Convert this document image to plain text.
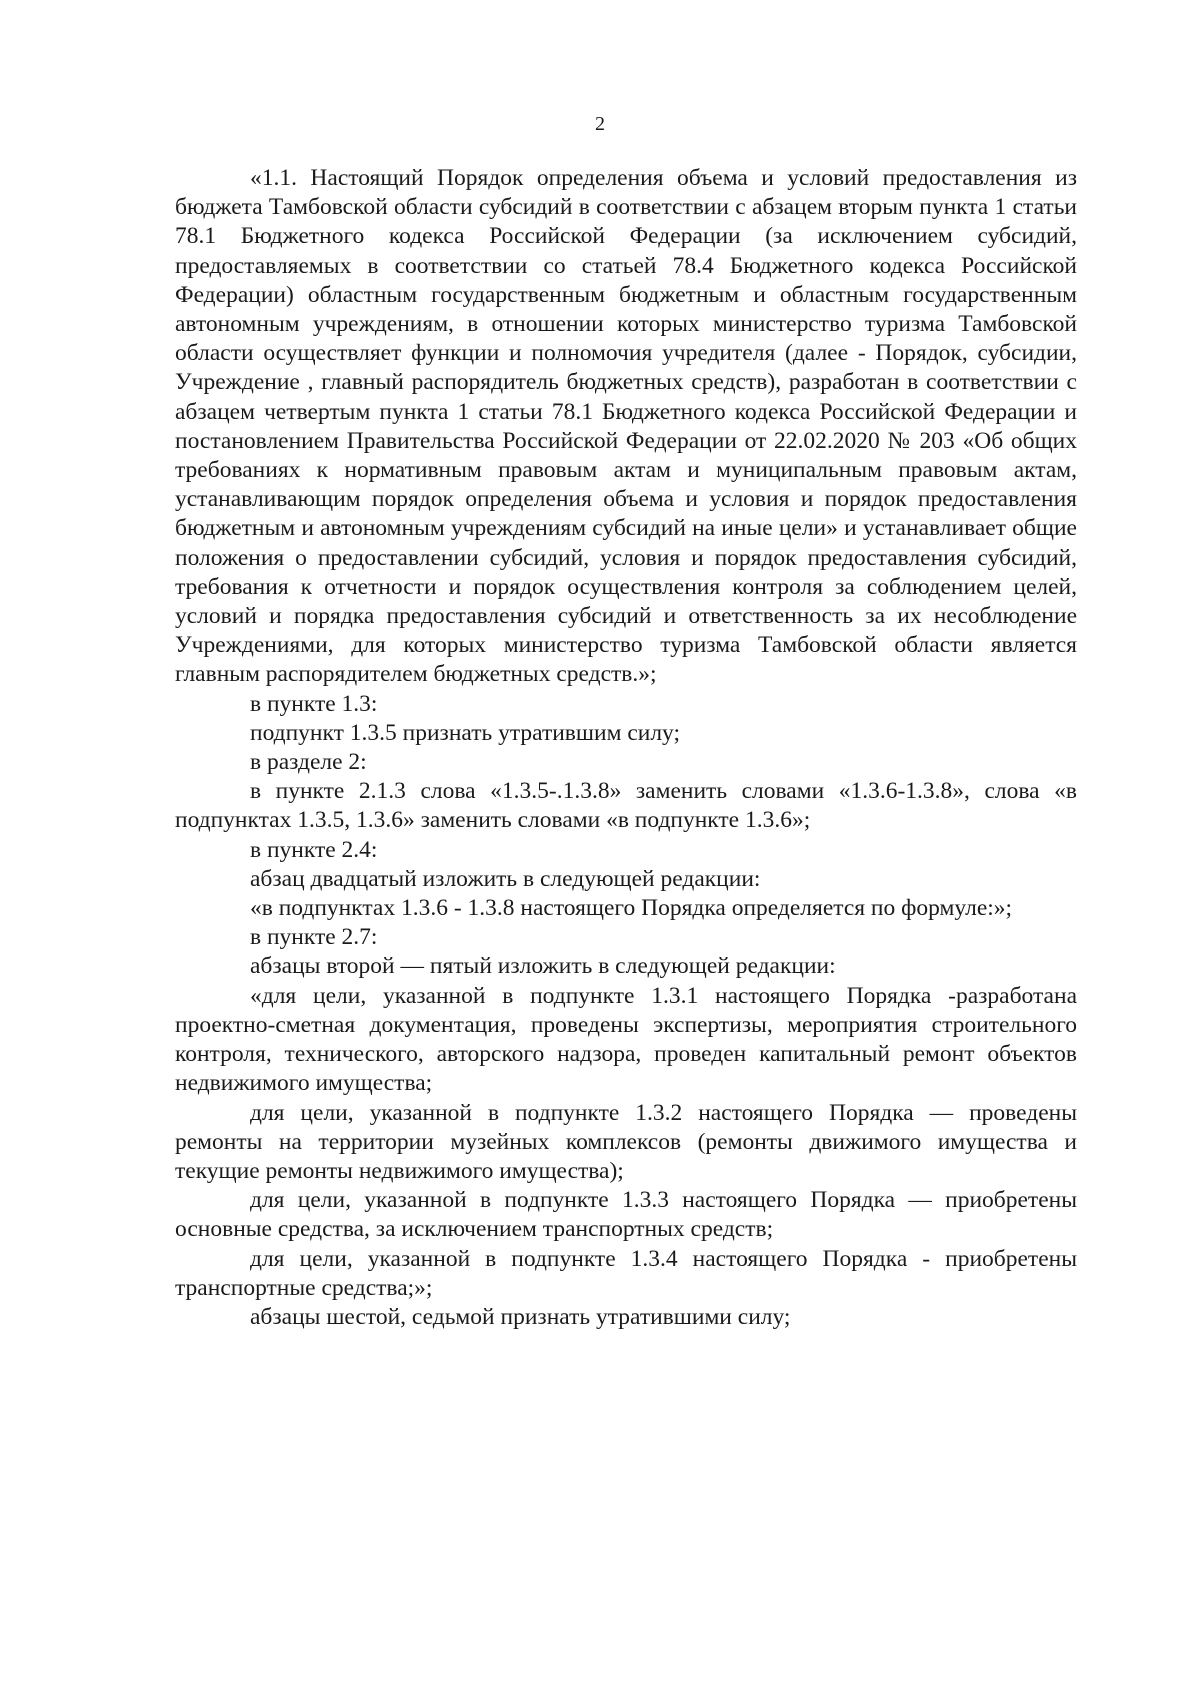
2

«1.1. Настоящий Порядок определения объема и условий предоставления из бюджета Тамбовской области субсидий в соответствии с абзацем вторым пункта 1 статьи 78.1 Бюджетного кодекса Российской Федерации (за исключением субсидий, предоставляемых в соответствии со статьей 78.4 Бюджетного кодекса Российской Федерации) областным государственным бюджетным и областным государственным автономным учреждениям, в отношении которых министерство туризма Тамбовской области осуществляет функции и полномочия учредителя (далее - Порядок, субсидии, Учреждение , главный распорядитель бюджетных средств), разработан в соответствии с абзацем четвертым пункта 1 статьи 78.1 Бюджетного кодекса Российской Федерации и постановлением Правительства Российской Федерации от 22.02.2020 № 203 «Об общих требованиях к нормативным правовым актам и муниципальным правовым актам, устанавливающим порядок определения объема и условия и порядок предоставления бюджетным и автономным учреждениям субсидий на иные цели» и устанавливает общие положения о предоставлении субсидий, условия и порядок предоставления субсидий, требования к отчетности и порядок осуществления контроля за соблюдением целей, условий и порядка предоставления субсидий и ответственность за их несоблюдение Учреждениями, для которых министерство туризма Тамбовской области является главным распорядителем бюджетных средств.»;

в пункте 1.3:

подпункт 1.3.5 признать утратившим силу;

в разделе 2:

в пункте 2.1.3 слова «1.3.5-.1.3.8» заменить словами «1.3.6-1.3.8», слова «в подпунктах 1.3.5, 1.3.6» заменить словами «в подпункте 1.3.6»;

в пункте 2.4:

абзац двадцатый изложить в следующей редакции:

«в подпунктах 1.3.6 - 1.3.8 настоящего Порядка определяется по формуле:»;

в пункте 2.7:

абзацы второй — пятый изложить в следующей редакции:

«для цели, указанной в подпункте 1.3.1 настоящего Порядка -разработана проектно-сметная документация, проведены экспертизы, мероприятия строительного контроля, технического, авторского надзора, проведен капитальный ремонт объектов недвижимого имущества;

для цели, указанной в подпункте 1.3.2 настоящего Порядка — проведены ремонты на территории музейных комплексов (ремонты движимого имущества и текущие ремонты недвижимого имущества);

для цели, указанной в подпункте 1.3.3 настоящего Порядка — приобретены основные средства, за исключением транспортных средств;

для цели, указанной в подпункте 1.3.4 настоящего Порядка - приобретены транспортные средства;»;

абзацы шестой, седьмой признать утратившими силу;
